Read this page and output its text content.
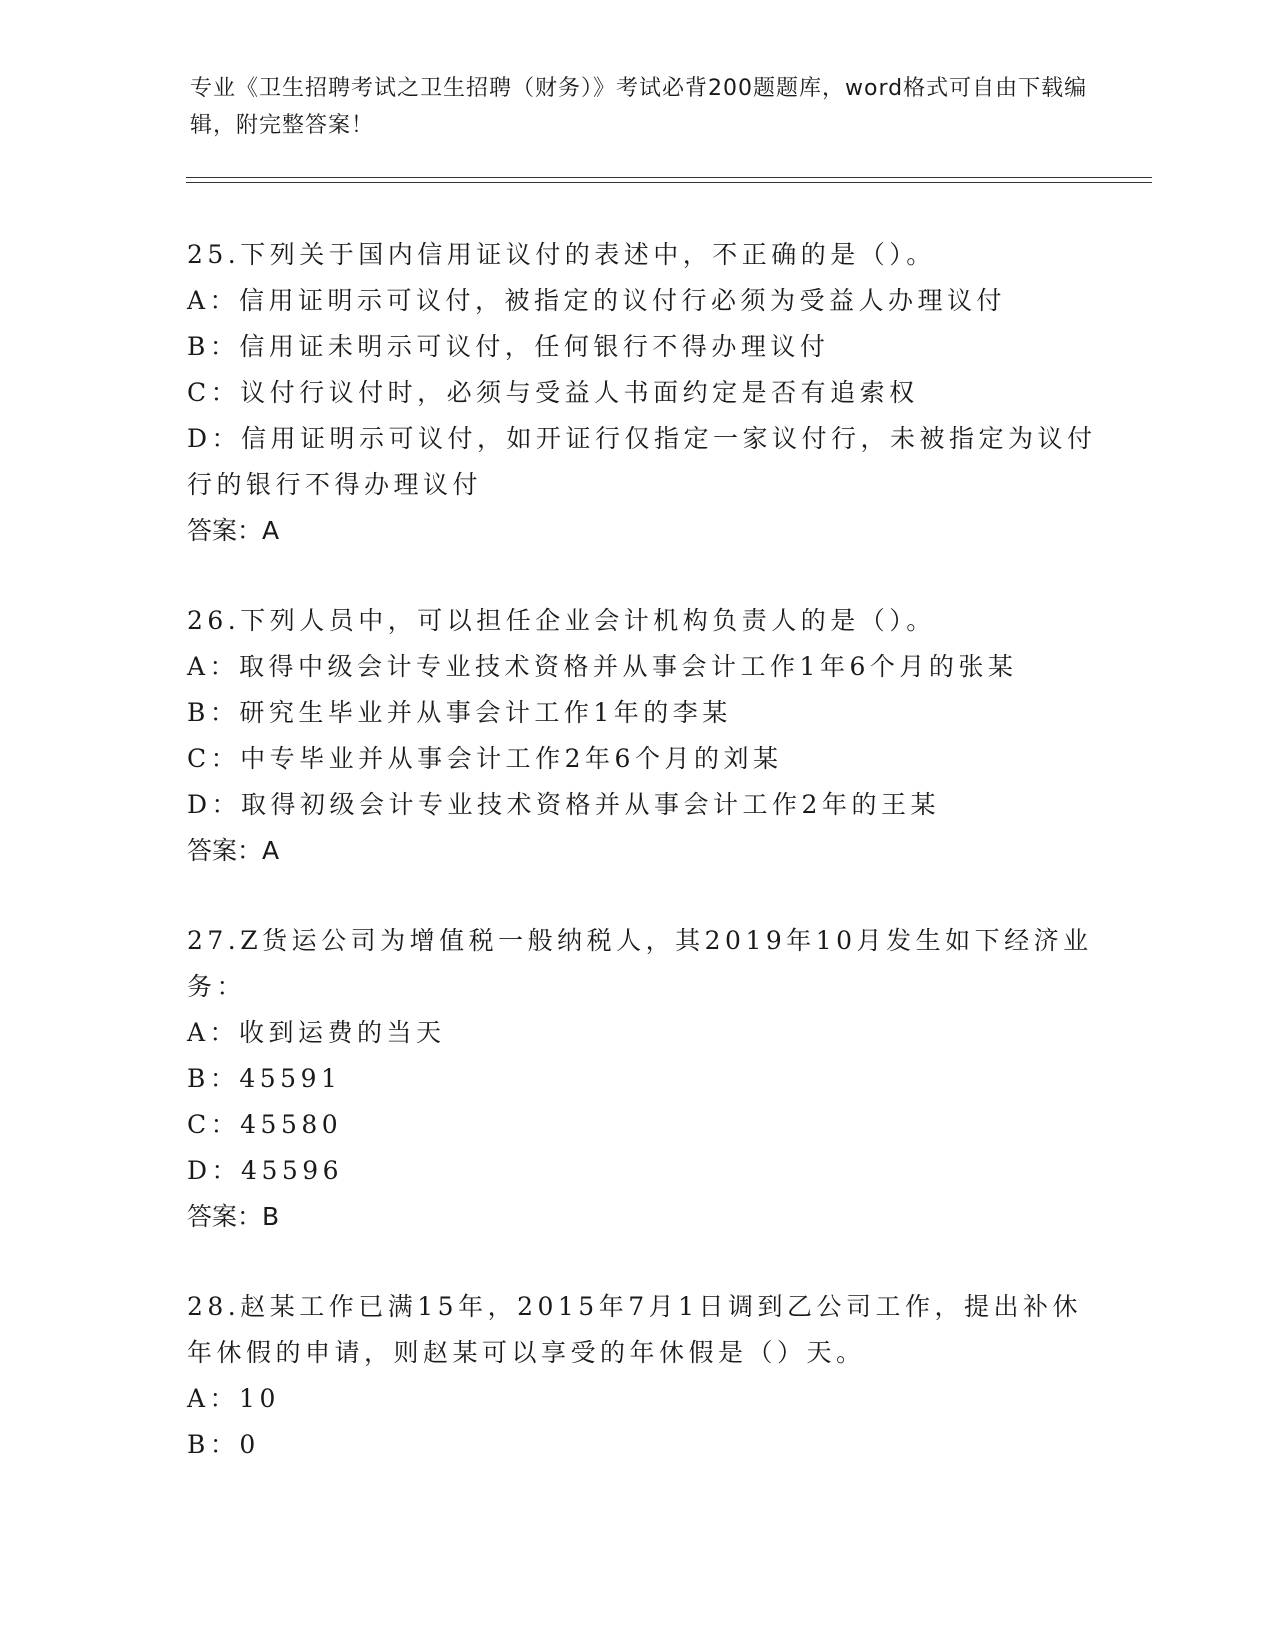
专业《卫生招聘考试之卫生招聘（财务）》考试必背200题题库，word格式可自由下载编辑，附完整答案！
25.下列关于国内信用证议付的表述中，不正确的是（）。
A：信用证明示可议付，被指定的议付行必须为受益人办理议付
B：信用证未明示可议付，任何银行不得办理议付
C：议付行议付时，必须与受益人书面约定是否有追索权
D：信用证明示可议付，如开证行仅指定一家议付行，未被指定为议付
行的银行不得办理议付
答案：A
26.下列人员中，可以担任企业会计机构负责人的是（）。
A：取得中级会计专业技术资格并从事会计工作1年6个月的张某
B：研究生毕业并从事会计工作1年的李某
C：中专毕业并从事会计工作2年6个月的刘某
D：取得初级会计专业技术资格并从事会计工作2年的王某
答案：A
27.Z货运公司为增值税一般纳税人，其2019年10月发生如下经济业
务：
A：收到运费的当天
B：45591
C：45580
D：45596
答案：B
28.赵某工作已满15年，2015年7月1日调到乙公司工作，提出补休
年休假的申请，则赵某可以享受的年休假是（）天。
A：10
B：0
